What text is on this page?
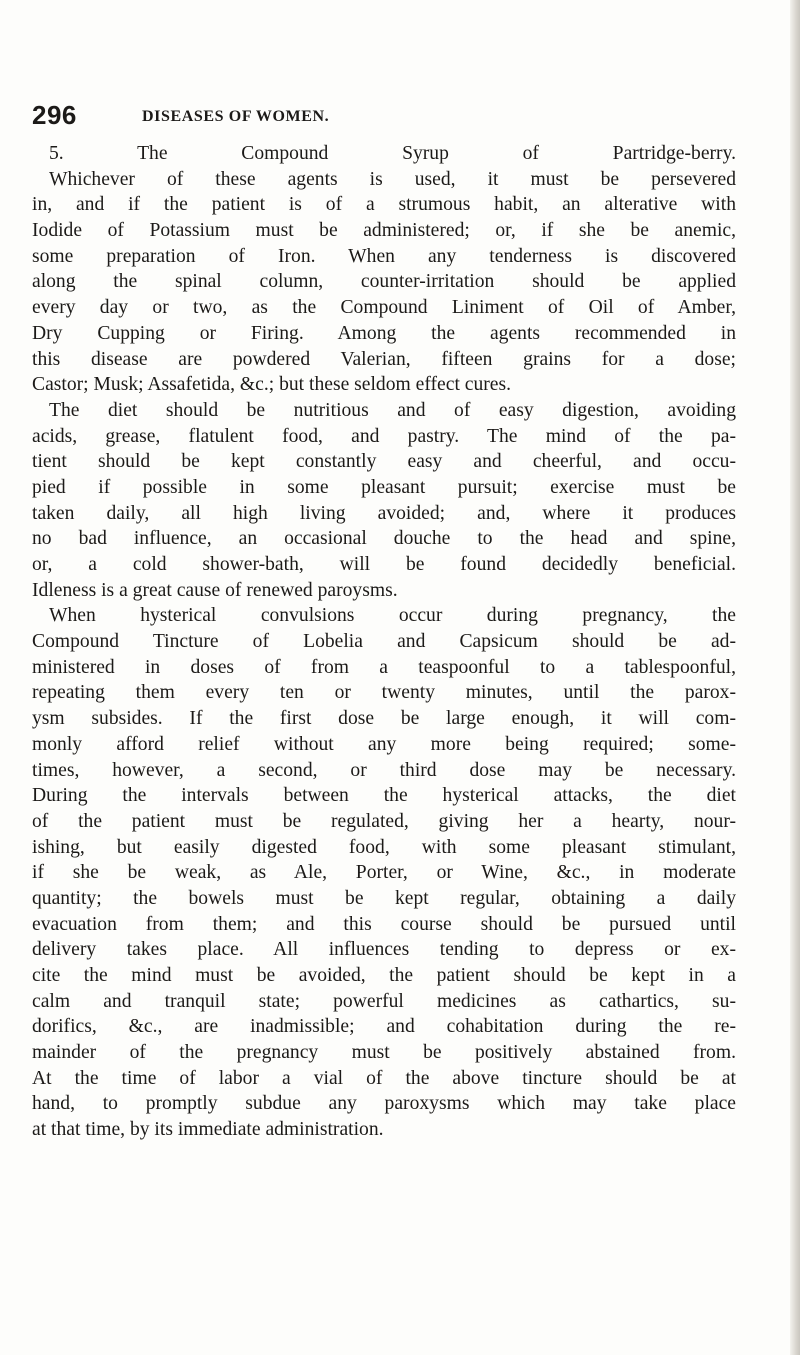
296	DISEASES OF WOMEN.
5. The Compound Syrup of Partridge-berry.
Whichever of these agents is used, it must be persevered
in, and if the patient is of a strumous habit, an alterative with
Iodide of Potassium must be administered; or, if she be anemic,
some preparation of Iron. When any tenderness is discovered
along the spinal column, counter-irritation should be applied
every day or two, as the Compound Liniment of Oil of Amber,
Dry Cupping or Firing. Among the agents recommended in
this disease are powdered Valerian, fifteen grains for a dose;
Castor; Musk; Assafetida, &c.; but these seldom effect cures.
The diet should be nutritious and of easy digestion, avoiding
acids, grease, flatulent food, and pastry. The mind of the pa-
tient should be kept constantly easy and cheerful, and occu-
pied if possible in some pleasant pursuit; exercise must be
taken daily, all high living avoided; and, where it produces
no bad influence, an occasional douche to the head and spine,
or, a cold shower-bath, will be found decidedly beneficial.
Idleness is a great cause of renewed paroysms.
When hysterical convulsions occur during pregnancy, the
Compound Tincture of Lobelia and Capsicum should be ad-
ministered in doses of from a teaspoonful to a tablespoonful,
repeating them every ten or twenty minutes, until the parox-
ysm subsides. If the first dose be large enough, it will com-
monly afford relief without any more being required; some-
times, however, a second, or third dose may be necessary.
During the intervals between the hysterical attacks, the diet
of the patient must be regulated, giving her a hearty, nour-
ishing, but easily digested food, with some pleasant stimulant,
if she be weak, as Ale, Porter, or Wine, &c., in moderate
quantity; the bowels must be kept regular, obtaining a daily
evacuation from them; and this course should be pursued until
delivery takes place. All influences tending to depress or ex-
cite the mind must be avoided, the patient should be kept in a
calm and tranquil state; powerful medicines as cathartics, su-
dorifics, &c., are inadmissible; and cohabitation during the re-
mainder of the pregnancy must be positively abstained from.
At the time of labor a vial of the above tincture should be at
hand, to promptly subdue any paroxysms which may take place
at that time, by its immediate administration.
